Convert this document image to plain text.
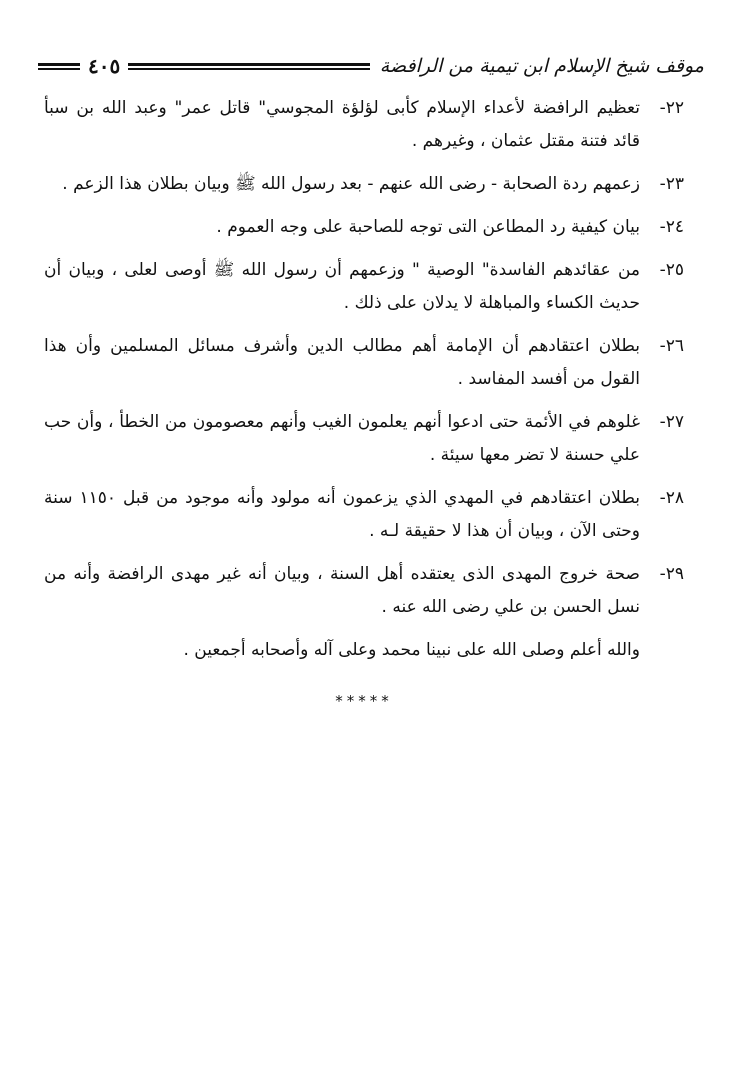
موقف شيخ الإسلام ابن تيمية من الرافضة
٤٠٥
٢٢-
تعظيم الرافضة لأعداء الإسلام كأبى لؤلؤة المجوسي" قاتل عمر" وعبد الله بن سبأ قائد فتنة مقتل عثمان ، وغيرهم .
٢٣-
زعمهم ردة الصحابة - رضى الله عنهم - بعد رسول الله ﷺ وبيان بطلان هذا الزعم .
٢٤-
بيان كيفية رد المطاعن التى توجه للصاحبة على وجه العموم .
٢٥-
من عقائدهم الفاسدة" الوصية " وزعمهم أن رسول الله ﷺ أوصى لعلى ، وبيان أن حديث الكساء والمباهلة لا يدلان على ذلك .
٢٦-
بطلان اعتقادهم أن الإمامة أهم مطالب الدين وأشرف مسائل المسلمين وأن هذا القول من أفسد المفاسد .
٢٧-
غلوهم في الأئمة حتى ادعوا أنهم يعلمون الغيب وأنهم معصومون من الخطأ ، وأن حب علي حسنة لا تضر معها سيئة .
٢٨-
بطلان اعتقادهم في المهدي الذي يزعمون أنه مولود وأنه موجود من قبل ١١٥٠ سنة وحتى الآن ، وبيان أن هذا لا حقيقة لـه .
٢٩-
صحة خروج المهدى الذى يعتقده أهل السنة ، وبيان أنه غير مهدى الرافضة وأنه من نسل الحسن بن علي رضى الله عنه .
والله أعلم وصلى الله على نبينا محمد وعلى آله وأصحابه أجمعين .
*****
